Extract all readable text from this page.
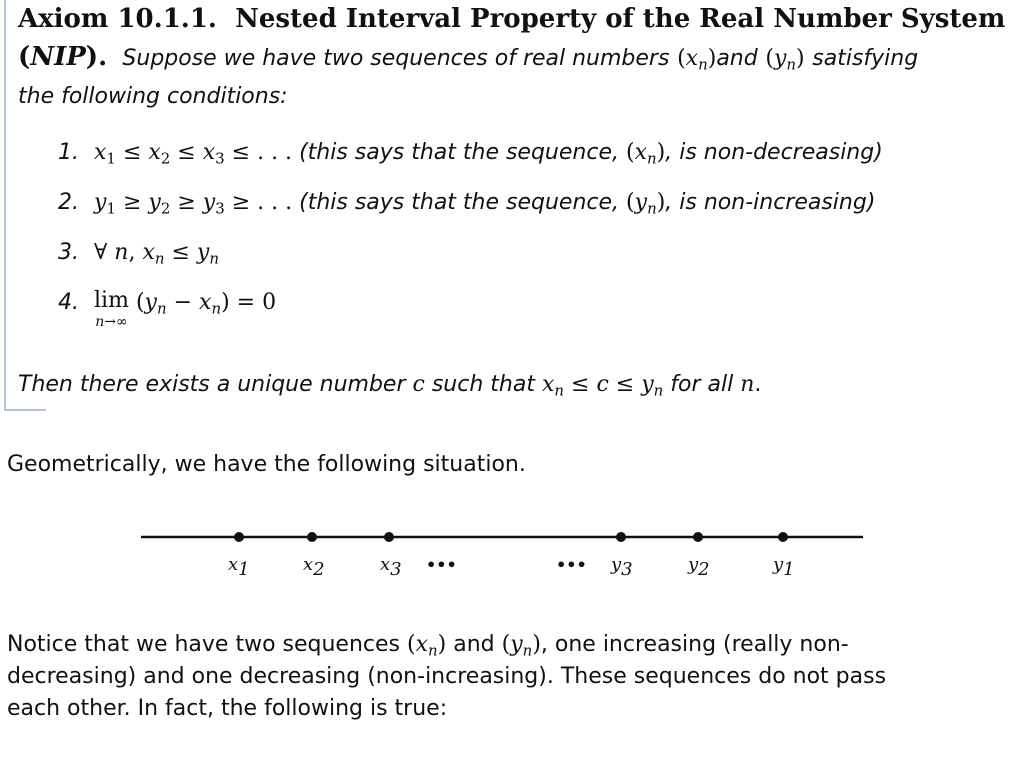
Axiom 10.1.1. Nested Interval Property of the Real Number System
(NIP). Suppose we have two sequences of real numbers $(x_n)and$ $(y_n)$ satisfying
the following conditions:
1. $x_1 \le x_2 \le x_3$ ≤ . . . (this says that the sequence, $(x_n)$, is non-decreasing)
2. $y_1 \ge y_2 \ge y_3$ ≥ . . . (this says that the sequence, $(y_n)$, is non-increasing)
3. ∀ n, $x_n \le y_n$
4. lim
n→∞
$(y_n - x_n) = 0$
Then there exists a unique number c such that $x_n \le c \le y_n$ for all n.
Geometrically, we have the following situation.
x1	x2	x3 •••	••• y3	y2	y1
Notice that we have two sequences $(x_n)$ and $(y_n)$, one increasing (really non-
decreasing) and one decreasing (non-increasing). These sequences do not pass
each other. In fact, the following is true:
